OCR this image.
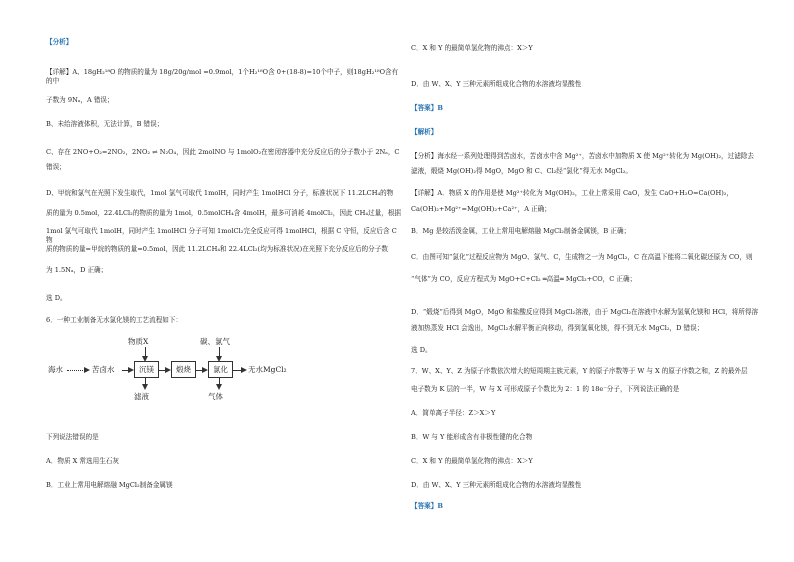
【分析】
【详解】A、18gH₂¹⁸O 的物质的量为 18g/20g/mol =0.9mol，1个H₂¹⁸O含 0+(18-8)=10个中子，则18gH₂¹⁸O含有的中
子数为 9Nₐ，A 错误；
B、未给溶液体积，无法计算，B 错误；
C、存在 2NO+O₂=2NO₂，2NO₂ ⇌ N₂O₄，因此 2molNO 与 1molO₂在密闭容器中充分反应后的分子数小于 2Nₐ，C
错误；
D、甲烷和氯气在光照下发生取代，1mol 氯气可取代 1molH，同时产生 1molHCl 分子，标准状况下 11.2LCH₄的物
质的量为 0.5mol，22.4LCl₂的物质的量为 1mol，0.5molCH₄含 4molH，最多可消耗 4molCl₂，因此 CH₄过量，根据
1mol 氯气可取代 1molH，同时产生 1molHCl 分子可知 1molCl₂完全反应可得 1molHCl，根据 C 守恒，反应后含 C 物
质的物质的量=甲烷的物质的量=0.5mol，因此 11.2LCH₄和 22.4LCl₂(均为标准状况)在光照下充分反应后的分子数
为 1.5Nₐ，D 正确；
选 D。
6．一种工业制备无水氯化镁的工艺流程如下：
物质X	碳、氯气
海水	苦卤水	沉镁	煅烧	氯化	无水MgCl₂
滤液	气体
下列说法错误的是
A．物质 X 常选用生石灰
B．工业上常用电解熔融 MgCl₂制备金属镁
C．X 和 Y 的最简单氢化物的沸点：X＞Y
D．由 W、X、Y 三种元素所组成化合物的水溶液均显酸性
【答案】B
【解析】
【分析】海水经一系列处理得到苦卤水，苦卤水中含 Mg²⁺，苦卤水中加物质 X 使 Mg²⁺转化为 Mg(OH)₂，过滤除去
滤液，煅烧 Mg(OH)₂得 MgO，MgO 和 C、Cl₂经“氯化”得无水 MgCl₂。
【详解】A．物质 X 的作用是使 Mg²⁺转化为 Mg(OH)₂，工业上常采用 CaO，发生 CaO+H₂O=Ca(OH)₂，
Ca(OH)₂+Mg²⁺=Mg(OH)₂+Ca²⁺，A 正确；
B．Mg 是较活泼金属，工业上常用电解熔融 MgCl₂制备金属镁，B 正确；
C．由图可知“氯化”过程反应物为 MgO、氯气、C，生成物之一为 MgCl₂，C 在高温下能将二氧化碳还原为 CO，则
“气体”为 CO，反应方程式为 MgO+C+Cl₂ ═高温═ MgCl₂+CO，C 正确；
D．“煅烧”后得到 MgO，MgO 和盐酸反应得到 MgCl₂溶液，由于 MgCl₂在溶液中水解为氢氧化镁和 HCl，将所得溶
液加热蒸发 HCl 会逸出，MgCl₂水解平衡正向移动，得到氢氧化镁，得不到无水 MgCl₂，D 错误；
选 D。
7．W、X、Y、Z 为原子序数依次增大的短周期主族元素，Y 的原子序数等于 W 与 X 的原子序数之和，Z 的最外层
电子数为 K 层的一半，W 与 X 可形成原子个数比为 2：1 的 18e⁻分子，下列说法正确的是
A．简单离子半径：Z＞X＞Y
B．W 与 Y 能形成含有非极性键的化合物
C．X 和 Y 的最简单氢化物的沸点：X＞Y
D．由 W、X、Y 三种元素所组成化合物的水溶液均显酸性
【答案】B
